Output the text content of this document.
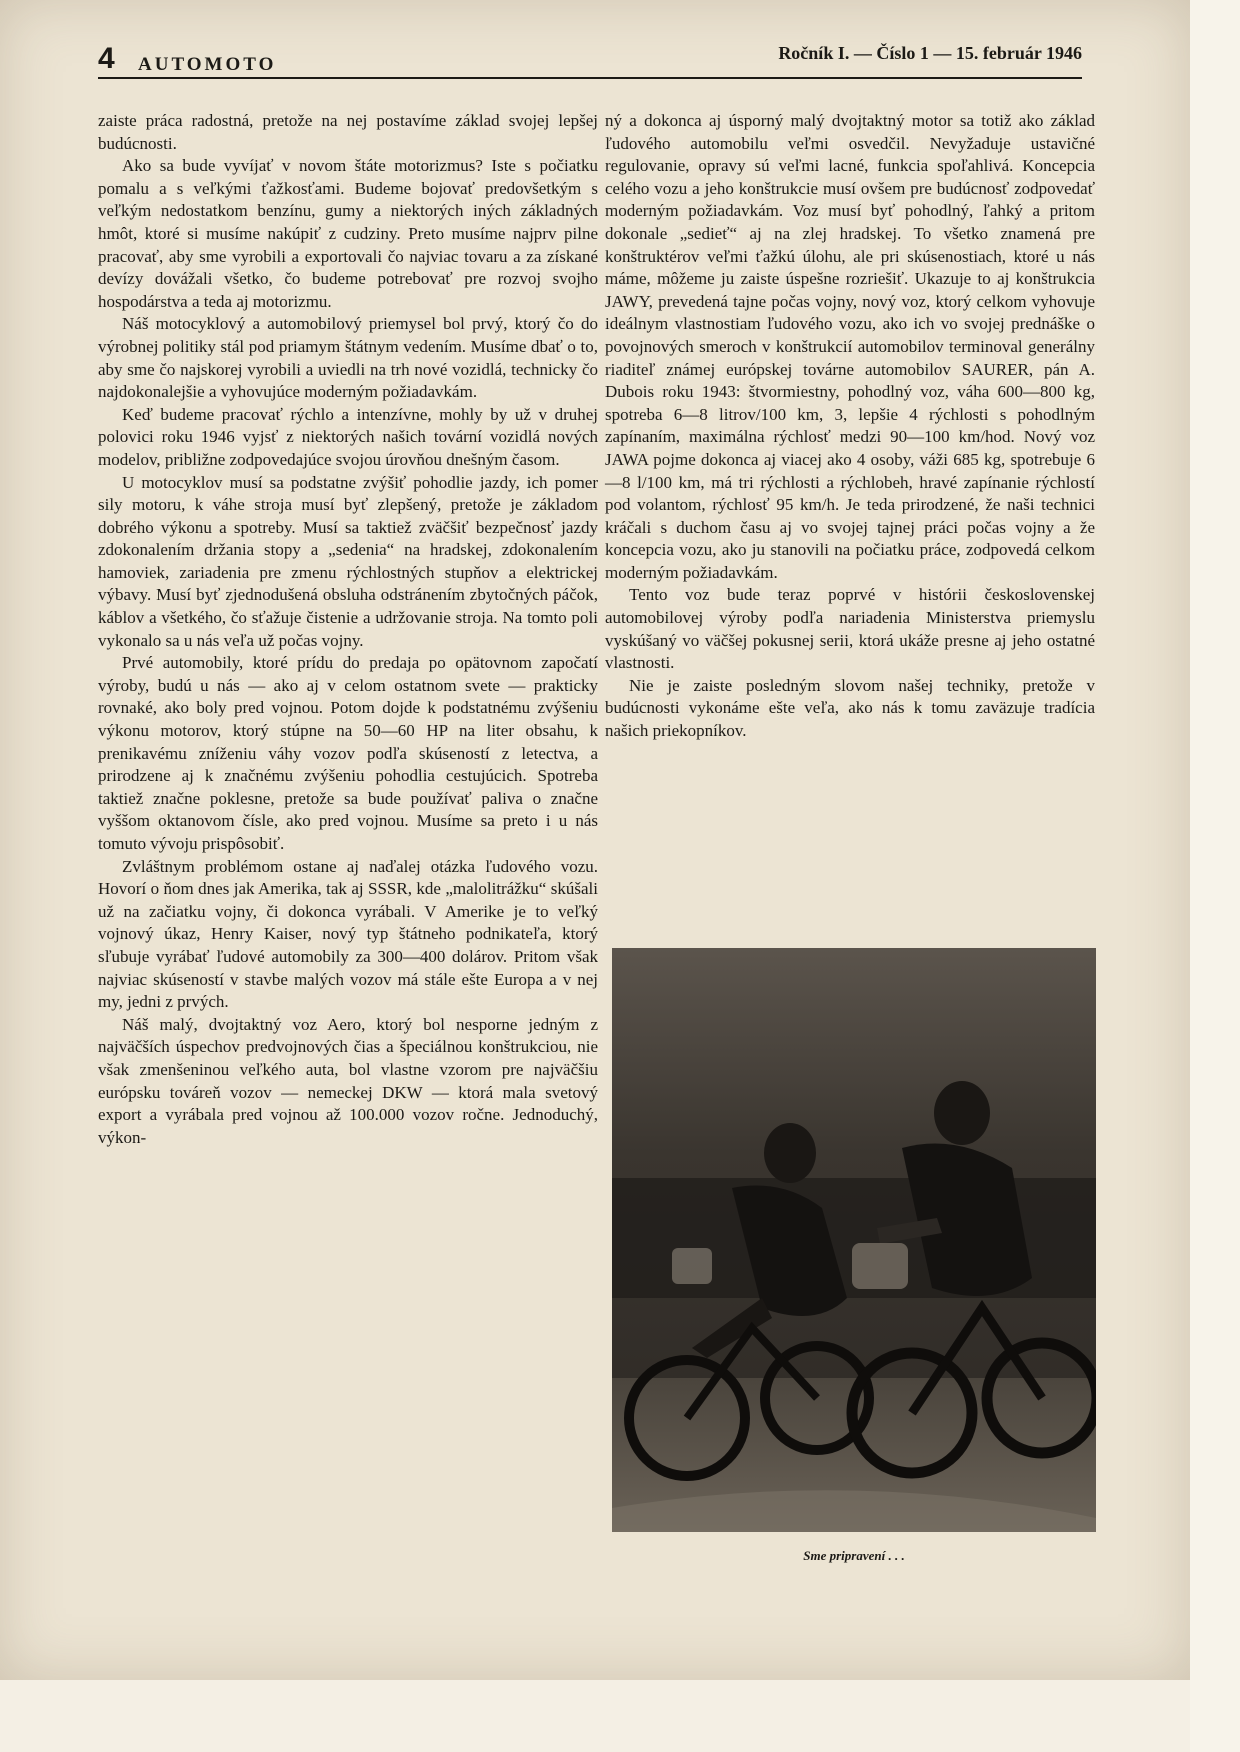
4 AUTOMOTO
Ročník I. — Číslo 1 — 15. február 1946

zaiste práca radostná, pretože na nej postavíme základ svojej lepšej budúcnosti.

Ako sa bude vyvíjať v novom štáte motorizmus? Iste s počiatku pomalu a s veľkými ťažkosťami. Budeme bojovať predovšetkým s veľkým nedostatkom benzínu, gumy a niektorých iných základných hmôt, ktoré si musíme nakúpiť z cudziny. Preto musíme najprv pilne pracovať, aby sme vyrobili a exportovali čo najviac tovaru a za získané devízy dovážali všetko, čo budeme potrebovať pre rozvoj svojho hospodárstva a teda aj motorizmu.

Náš motocyklový a automobilový priemysel bol prvý, ktorý čo do výrobnej politiky stál pod priamym štátnym vedením. Musíme dbať o to, aby sme čo najskorej vyrobili a uviedli na trh nové vozidlá, technicky čo najdokonalejšie a vyhovujúce moderným požiadavkám.

Keď budeme pracovať rýchlo a intenzívne, mohly by už v druhej polovici roku 1946 vyjsť z niektorých našich tovární vozidlá nových modelov, približne zodpovedajúce svojou úrovňou dnešným časom.

U motocyklov musí sa podstatne zvýšiť pohodlie jazdy, ich pomer sily motoru, k váhe stroja musí byť zlepšený, pretože je základom dobrého výkonu a spotreby. Musí sa taktiež zväčšiť bezpečnosť jazdy zdokonalením držania stopy a „sedenia“ na hradskej, zdokonalením hamoviek, zariadenia pre zmenu rýchlostných stupňov a elektrickej výbavy. Musí byť zjednodušená obsluha odstránením zbytočných páčok, káblov a všetkého, čo sťažuje čistenie a udržovanie stroja. Na tomto poli vykonalo sa u nás veľa už počas vojny.

Prvé automobily, ktoré prídu do predaja po opätovnom započatí výroby, budú u nás — ako aj v celom ostatnom svete — prakticky rovnaké, ako boly pred vojnou. Potom dojde k podstatnému zvýšeniu výkonu motorov, ktorý stúpne na 50—60 HP na liter obsahu, k prenikavému zníženiu váhy vozov podľa skúseností z letectva, a prirodzene aj k značnému zvýšeniu pohodlia cestujúcich. Spotreba taktiež značne poklesne, pretože sa bude používať paliva o značne vyššom oktanovom čísle, ako pred vojnou. Musíme sa preto i u nás tomuto vývoju prispôsobiť.

Zvláštnym problémom ostane aj naďalej otázka ľudového vozu. Hovorí o ňom dnes jak Amerika, tak aj SSSR, kde „malolitrážku“ skúšali už na začiatku vojny, či dokonca vyrábali. V Amerike je to veľký vojnový úkaz, Henry Kaiser, nový typ štátneho podnikateľa, ktorý sľubuje vyrábať ľudové automobily za 300—400 dolárov. Pritom však najviac skúseností v stavbe malých vozov má stále ešte Europa a v nej my, jedni z prvých.

Náš malý, dvojtaktný voz Aero, ktorý bol nesporne jedným z najväčších úspechov predvojnových čias a špeciálnou konštrukciou, nie však zmenšeninou veľkého auta, bol vlastne vzorom pre najväčšiu európsku továreň vozov — nemeckej DKW — ktorá mala svetový export a vyrábala pred vojnou až 100.000 vozov ročne. Jednoduchý, výkon-

ný a dokonca aj úsporný malý dvojtaktný motor sa totiž ako základ ľudového automobilu veľmi osvedčil. Nevyžaduje ustavičné regulovanie, opravy sú veľmi lacné, funkcia spoľahlivá. Koncepcia celého vozu a jeho konštrukcie musí ovšem pre budúcnosť zodpovedať moderným požiadavkám. Voz musí byť pohodlný, ľahký a pritom dokonale „sedieť“ aj na zlej hradskej. To všetko znamená pre konštruktérov veľmi ťažkú úlohu, ale pri skúsenostiach, ktoré u nás máme, môžeme ju zaiste úspešne rozriešiť. Ukazuje to aj konštrukcia JAWY, prevedená tajne počas vojny, nový voz, ktorý celkom vyhovuje ideálnym vlastnostiam ľudového vozu, ako ich vo svojej prednáške o povojnových smeroch v konštrukcií automobilov terminoval generálny riaditeľ známej európskej továrne automobilov SAURER, pán A. Dubois roku 1943: štvormiestny, pohodlný voz, váha 600—800 kg, spotreba 6—8 litrov/100 km, 3, lepšie 4 rýchlosti s pohodlným zapínaním, maximálna rýchlosť medzi 90—100 km/hod. Nový voz JAWA pojme dokonca aj viacej ako 4 osoby, váži 685 kg, spotrebuje 6—8 l/100 km, má tri rýchlosti a rýchlobeh, hravé zapínanie rýchlostí pod volantom, rýchlosť 95 km/h. Je teda prirodzené, že naši technici kráčali s duchom času aj vo svojej tajnej práci počas vojny a že koncepcia vozu, ako ju stanovili na počiatku práce, zodpovedá celkom moderným požiadavkám.

Tento voz bude teraz poprvé v histórii československej automobilovej výroby podľa nariadenia Ministerstva priemyslu vyskúšaný vo väčšej pokusnej serii, ktorá ukáže presne aj jeho ostatné vlastnosti.

Nie je zaiste posledným slovom našej techniky, pretože v budúcnosti vykonáme ešte veľa, ako nás k tomu zaväzuje tradícia našich priekopníkov.

Sme pripravení . . .
